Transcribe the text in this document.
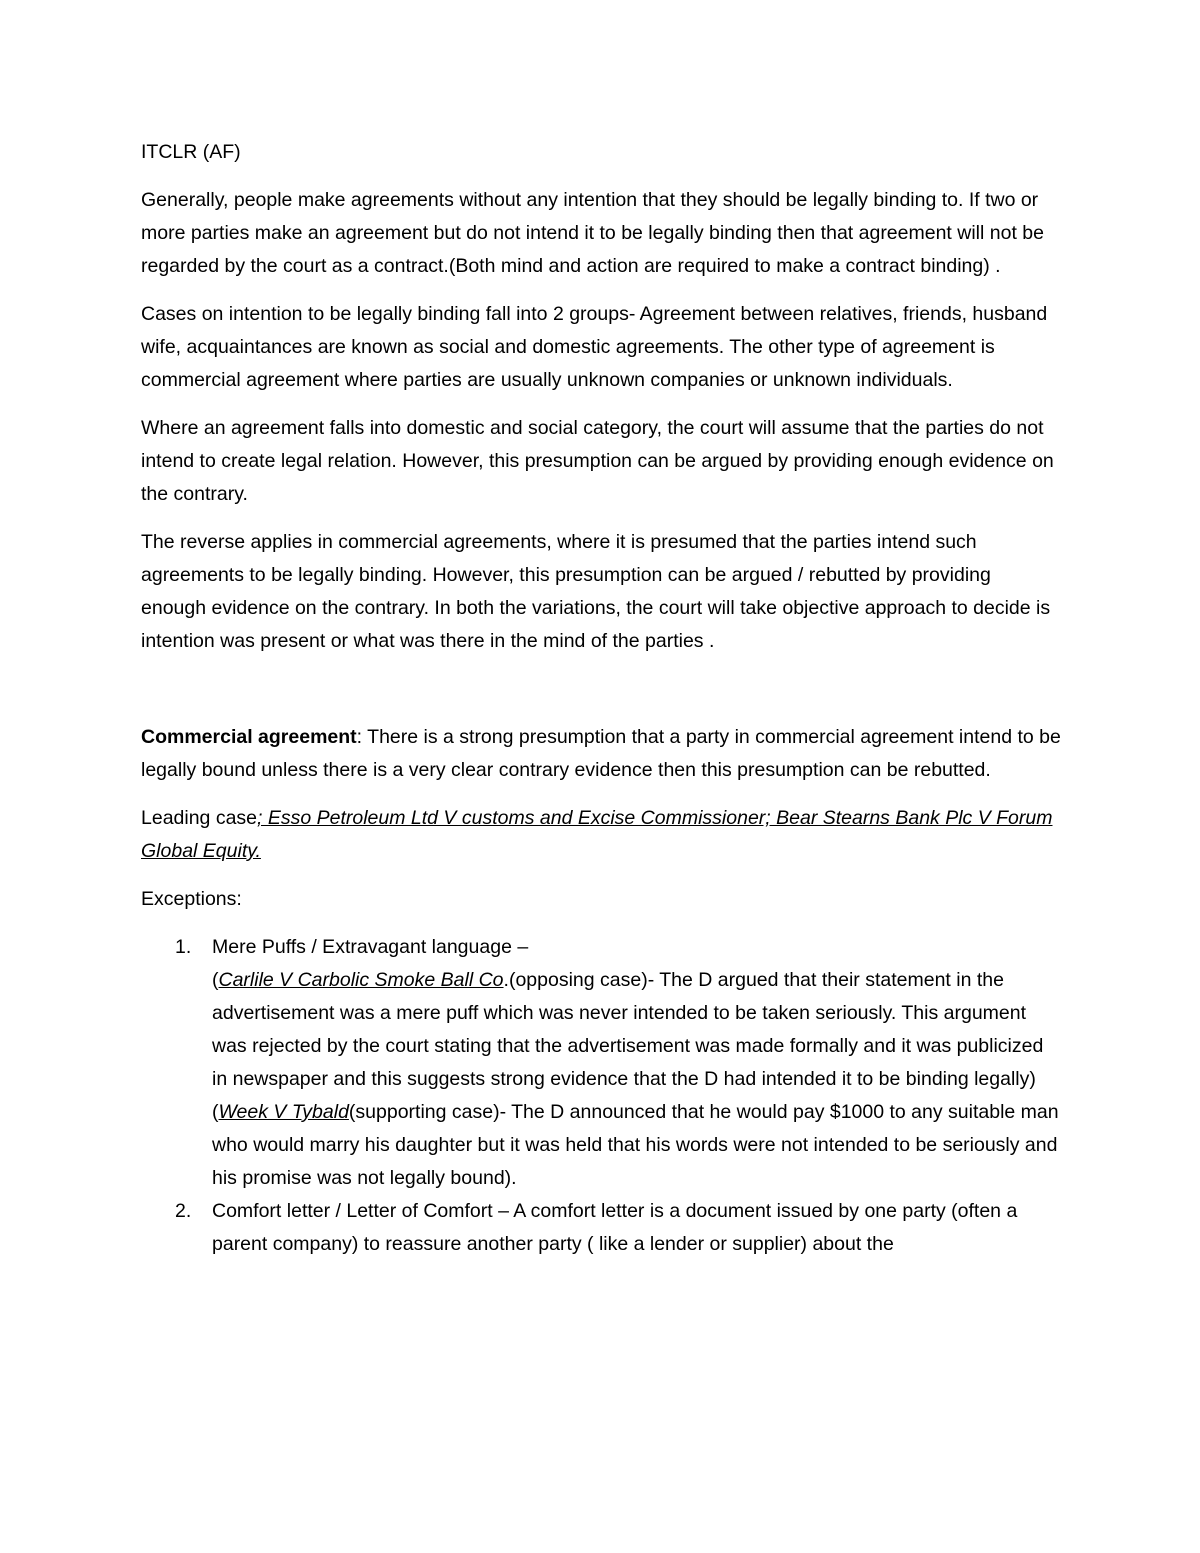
ITCLR (AF)

Generally, people make agreements without any intention that they should be legally binding to. If two or more parties make an agreement but do not intend it to be legally binding then that agreement will not be regarded by the court as a contract.(Both mind and action are required to make a contract binding) .

Cases on intention to be legally binding fall into 2 groups- Agreement between relatives, friends, husband wife, acquaintances are known as social and domestic agreements. The other type of agreement is commercial agreement where parties are usually unknown companies or unknown individuals.

Where an agreement falls into domestic and social category, the court will assume that the parties do not intend to create legal relation. However, this presumption can be argued by providing enough evidence on the contrary.

The reverse applies in commercial agreements, where it is presumed that the parties intend such agreements to be legally binding. However, this presumption can be argued / rebutted by providing enough evidence on the contrary. In both the variations, the court will take objective approach to decide is intention was present or what was there in the mind of the parties .

Commercial agreement: There is a strong presumption that a party in commercial agreement intend to be legally bound unless there is a very clear contrary evidence then this presumption can be rebutted.

Leading case; Esso Petroleum Ltd V customs and Excise Commissioner; Bear Stearns Bank Plc V Forum Global Equity.

Exceptions:

1. Mere Puffs / Extravagant language –
(Carlile V Carbolic Smoke Ball Co.(opposing case)- The D argued that their statement in the advertisement was a mere puff which was never intended to be taken seriously. This argument was rejected by the court stating that the advertisement was made formally and it was publicized in newspaper and this suggests strong evidence that the D had intended it to be binding legally)
(Week V Tybald(supporting case)- The D announced that he would pay $1000 to any suitable man who would marry his daughter but it was held that his words were not intended to be seriously and his promise was not legally bound).
2. Comfort letter / Letter of Comfort – A comfort letter is a document issued by one party (often a parent company) to reassure another party ( like a lender or supplier) about the
